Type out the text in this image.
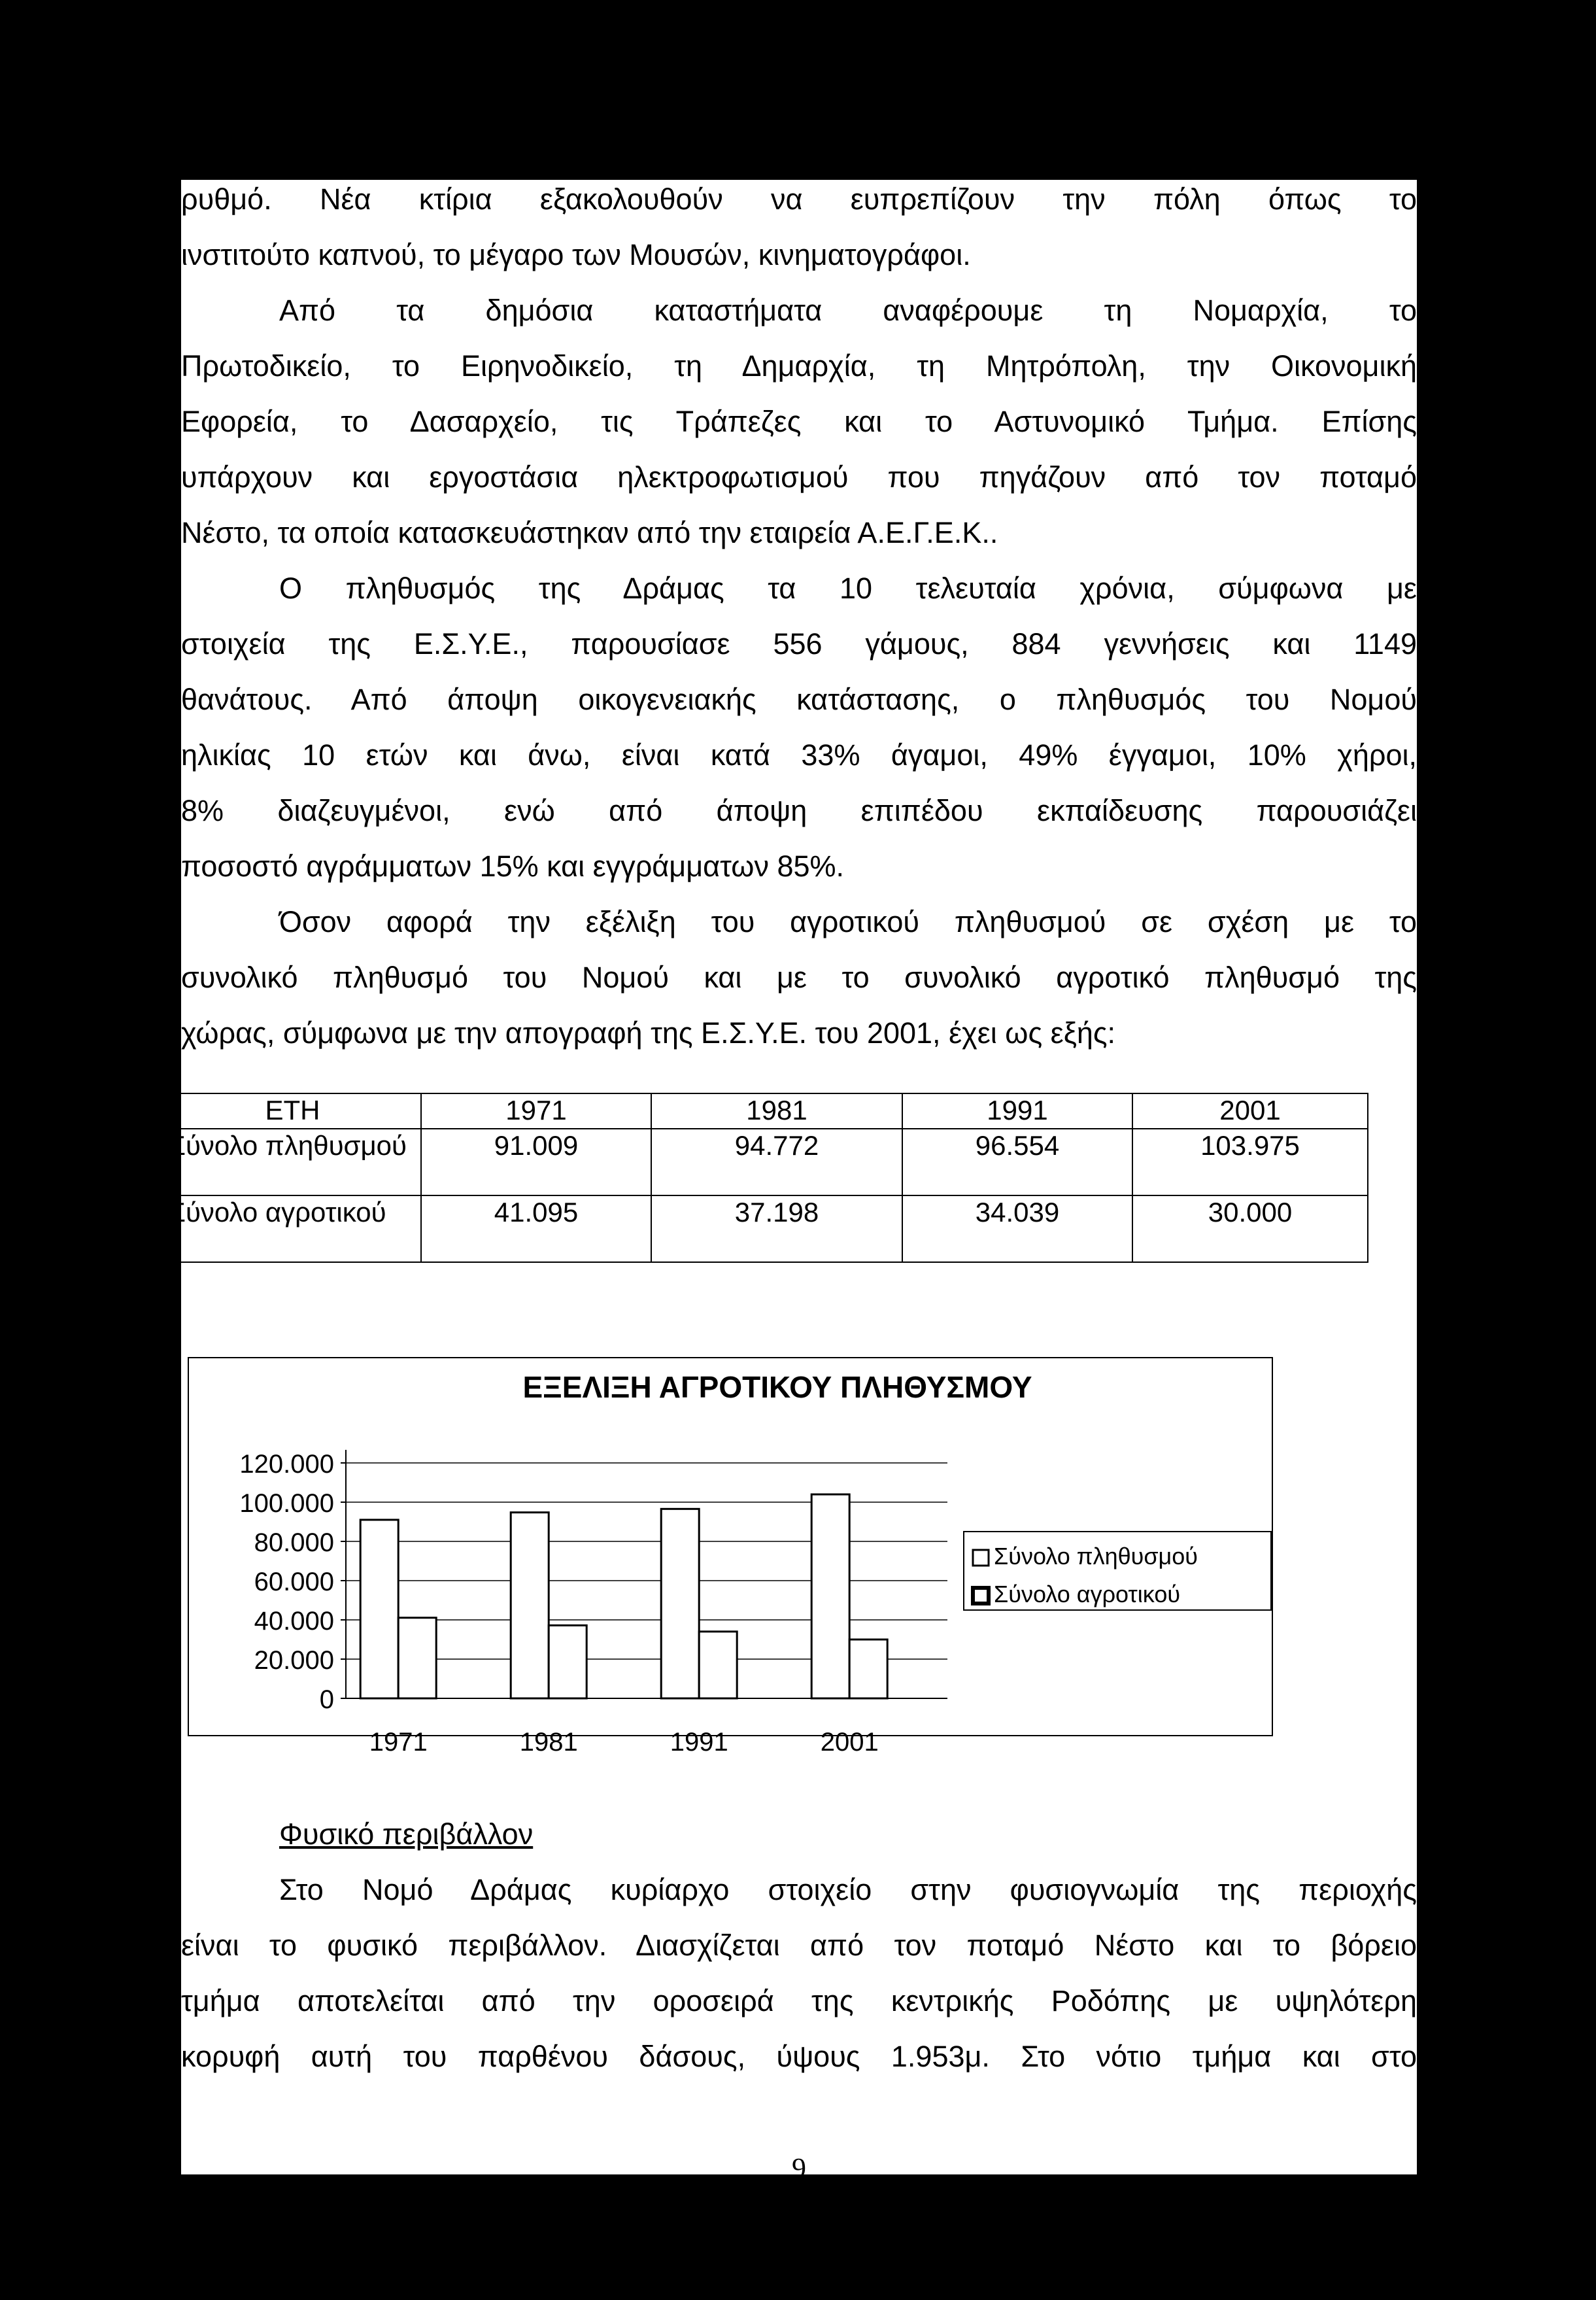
ρυθμό. Νέα κτίρια εξακολουθούν να ευπρεπίζουν την πόλη όπως το
ινστιτούτο καπνού, το μέγαρο των Μουσών, κινηματογράφοι.
Από τα δημόσια καταστήματα αναφέρουμε τη Νομαρχία, το
Πρωτοδικείο, το Ειρηνοδικείο, τη Δημαρχία, τη Μητρόπολη, την Οικονομική
Εφορεία, το Δασαρχείο, τις Τράπεζες και το Αστυνομικό Τμήμα. Επίσης
υπάρχουν και εργοστάσια ηλεκτροφωτισμού που πηγάζουν από τον ποταμό
Νέστο, τα οποία κατασκευάστηκαν από την εταιρεία Α.Ε.Γ.Ε.Κ..
Ο πληθυσμός της Δράμας τα 10 τελευταία χρόνια, σύμφωνα με
στοιχεία της Ε.Σ.Υ.Ε., παρουσίασε 556 γάμους, 884 γεννήσεις και 1149
θανάτους. Από άποψη οικογενειακής κατάστασης, ο πληθυσμός του Νομού
ηλικίας 10 ετών και άνω, είναι κατά 33% άγαμοι, 49% έγγαμοι, 10% χήροι,
8% διαζευγμένοι, ενώ από άποψη επιπέδου εκπαίδευσης παρουσιάζει
ποσοστό αγράμματων 15% και εγγράμματων 85%.
Όσον αφορά την εξέλιξη του αγροτικού πληθυσμού σε σχέση με το
συνολικό πληθυσμό του Νομού και με το συνολικό αγροτικό πληθυσμό της
χώρας, σύμφωνα με την απογραφή της Ε.Σ.Υ.Ε. του 2001, έχει ως εξής:
ΕΤΗ	1971	1981	1991	2001
Σύνολο πληθυσμού	91.009	94.772	96.554	103.975
Σύνολο αγροτικού	41.095	37.198	34.039	30.000
ΕΞΕΛΙΞΗ ΑΓΡΟΤΙΚΟΥ ΠΛΗΘΥΣΜΟΥ
0
20.000
40.000
60.000
80.000
100.000
120.000
1971	1981	1991	2001
Σύνολο πληθυσμού
Σύνολο αγροτικού
Φυσικό περιβάλλον
Στο Νομό Δράμας κυρίαρχο στοιχείο στην φυσιογνωμία της περιοχής
είναι το φυσικό περιβάλλον. Διασχίζεται από τον ποταμό Νέστο και το βόρειο
τμήμα αποτελείται από την οροσειρά της κεντρικής Ροδόπης με υψηλότερη
κορυφή αυτή του παρθένου δάσους, ύψους 1.953μ. Στο νότιο τμήμα και στο
9
